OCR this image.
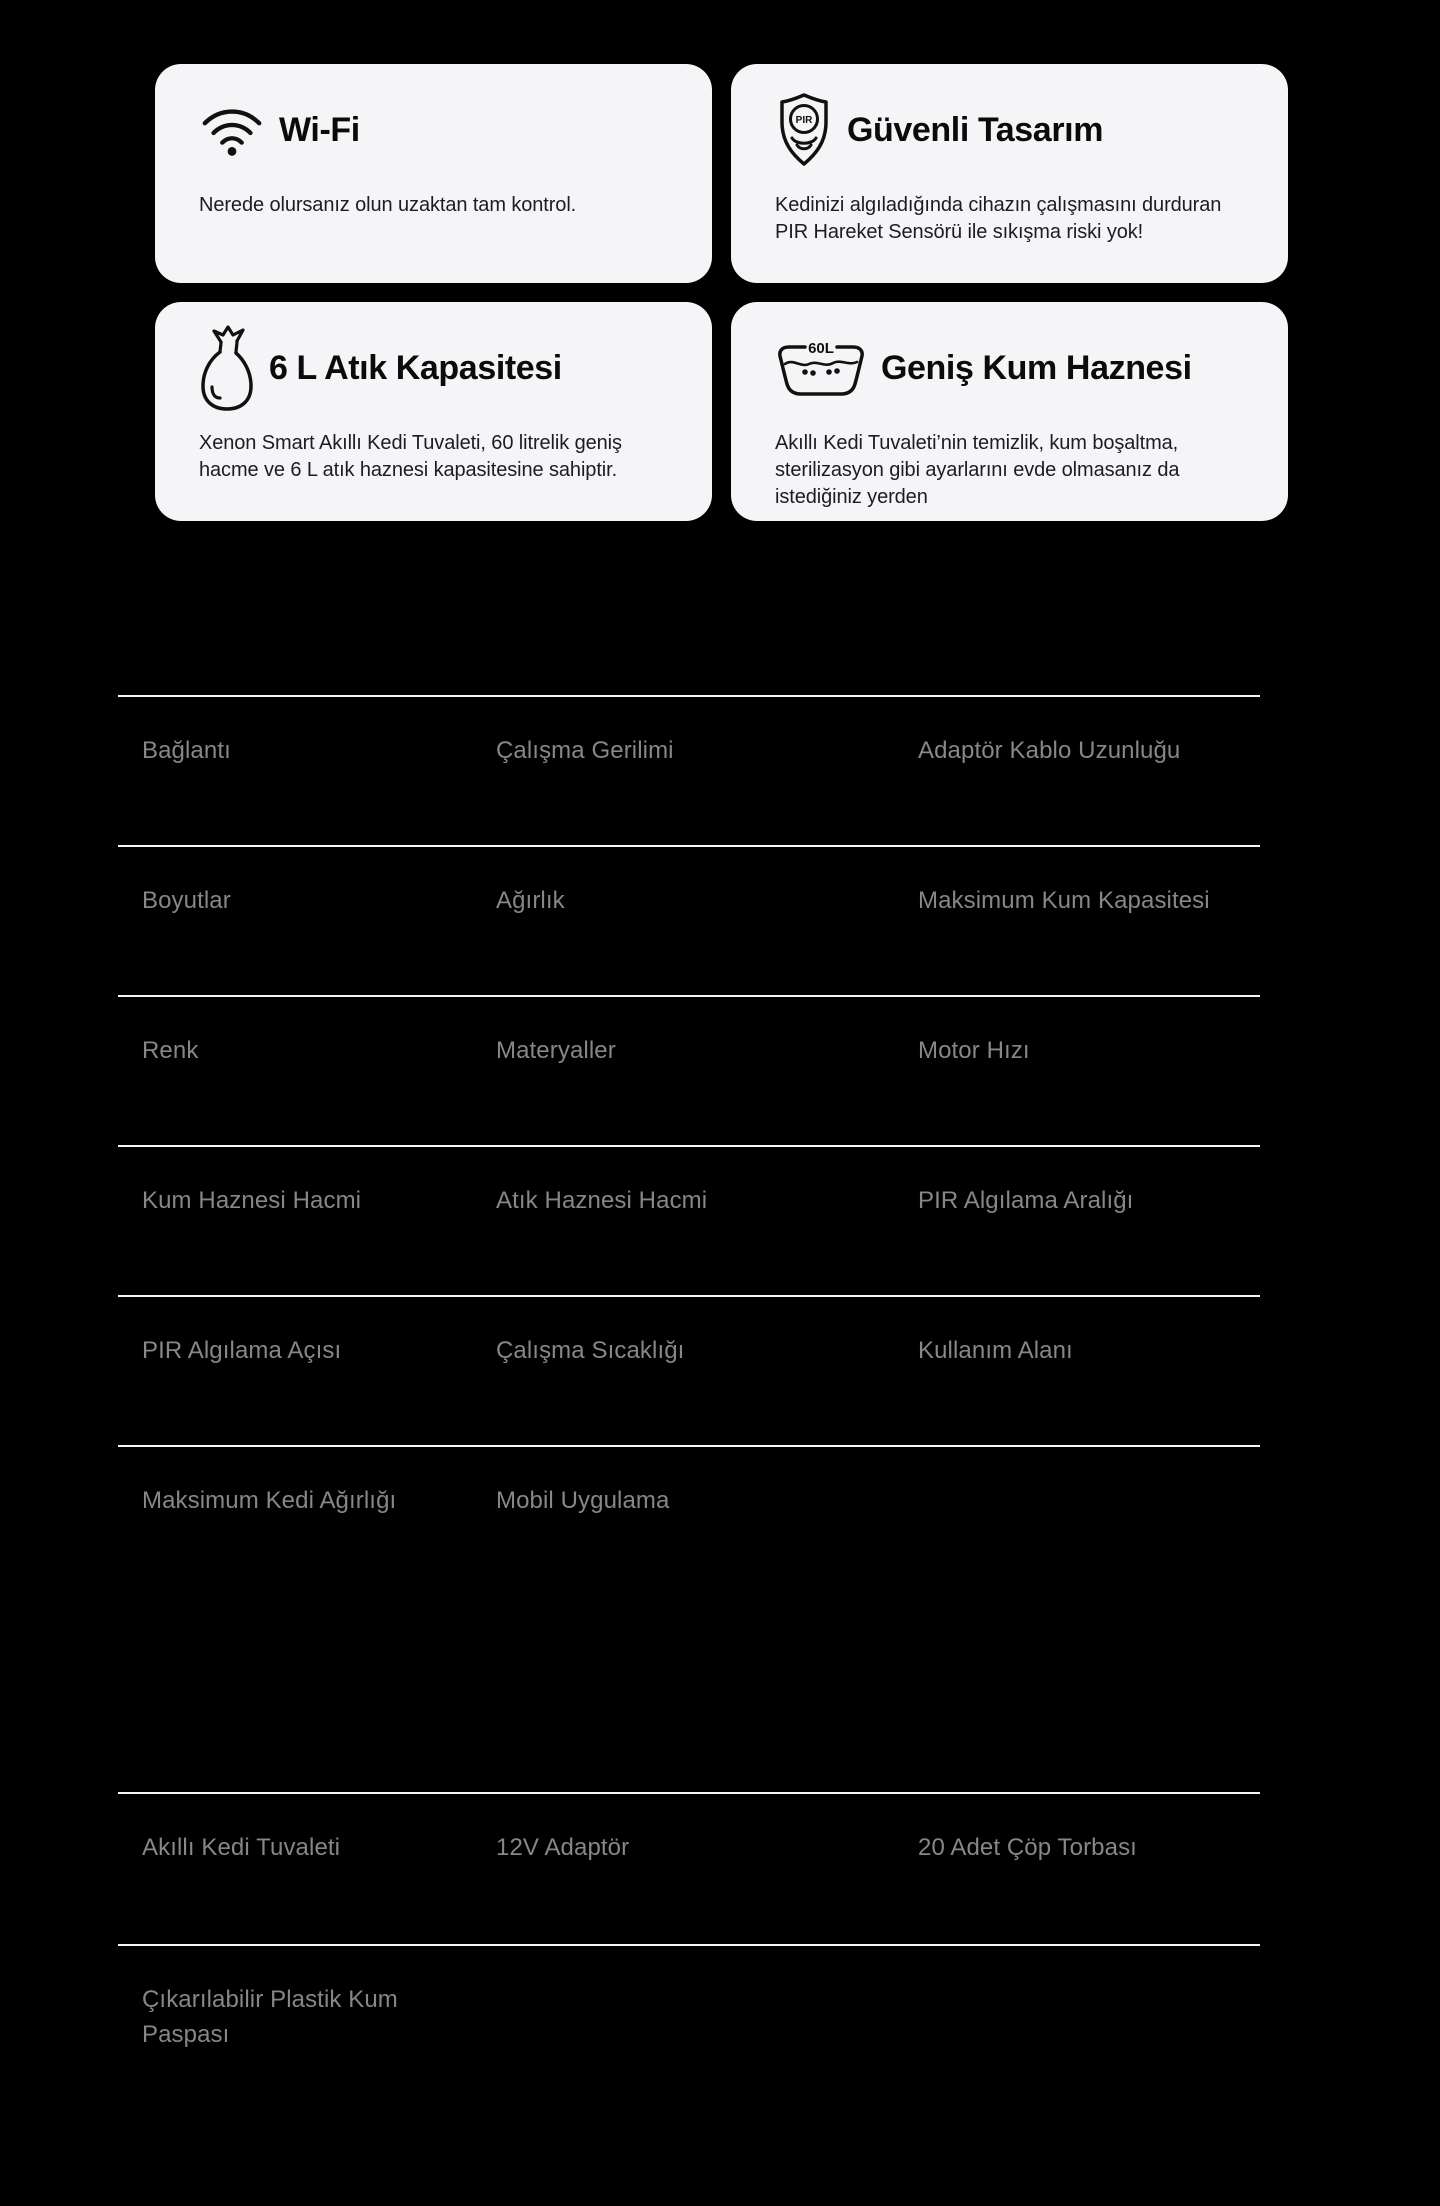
Wi-Fi

Nerede olursanız olun uzaktan tam kontrol.

PIR Güvenli Tasarım

Kedinizi algıladığında cihazın çalışmasını durduran PIR Hareket Sensörü ile sıkışma riski yok!

6 L Atık Kapasitesi

Xenon Smart Akıllı Kedi Tuvaleti, 60 litrelik geniş hacme ve 6 L atık haznesi kapasitesine sahiptir.

60L Geniş Kum Haznesi

Akıllı Kedi Tuvaleti’nin temizlik, kum boşaltma, sterilizasyon gibi ayarlarını evde olmasanız da istediğiniz yerden

Bağlantı	Çalışma Gerilimi	Adaptör Kablo Uzunluğu
Boyutlar	Ağırlık	Maksimum Kum Kapasitesi
Renk	Materyaller	Motor Hızı
Kum Haznesi Hacmi	Atık Haznesi Hacmi	PIR Algılama Aralığı
PIR Algılama Açısı	Çalışma Sıcaklığı	Kullanım Alanı
Maksimum Kedi Ağırlığı	Mobil Uygulama
Akıllı Kedi Tuvaleti	12V Adaptör	20 Adet Çöp Torbası
Çıkarılabilir Plastik Kum Paspası
